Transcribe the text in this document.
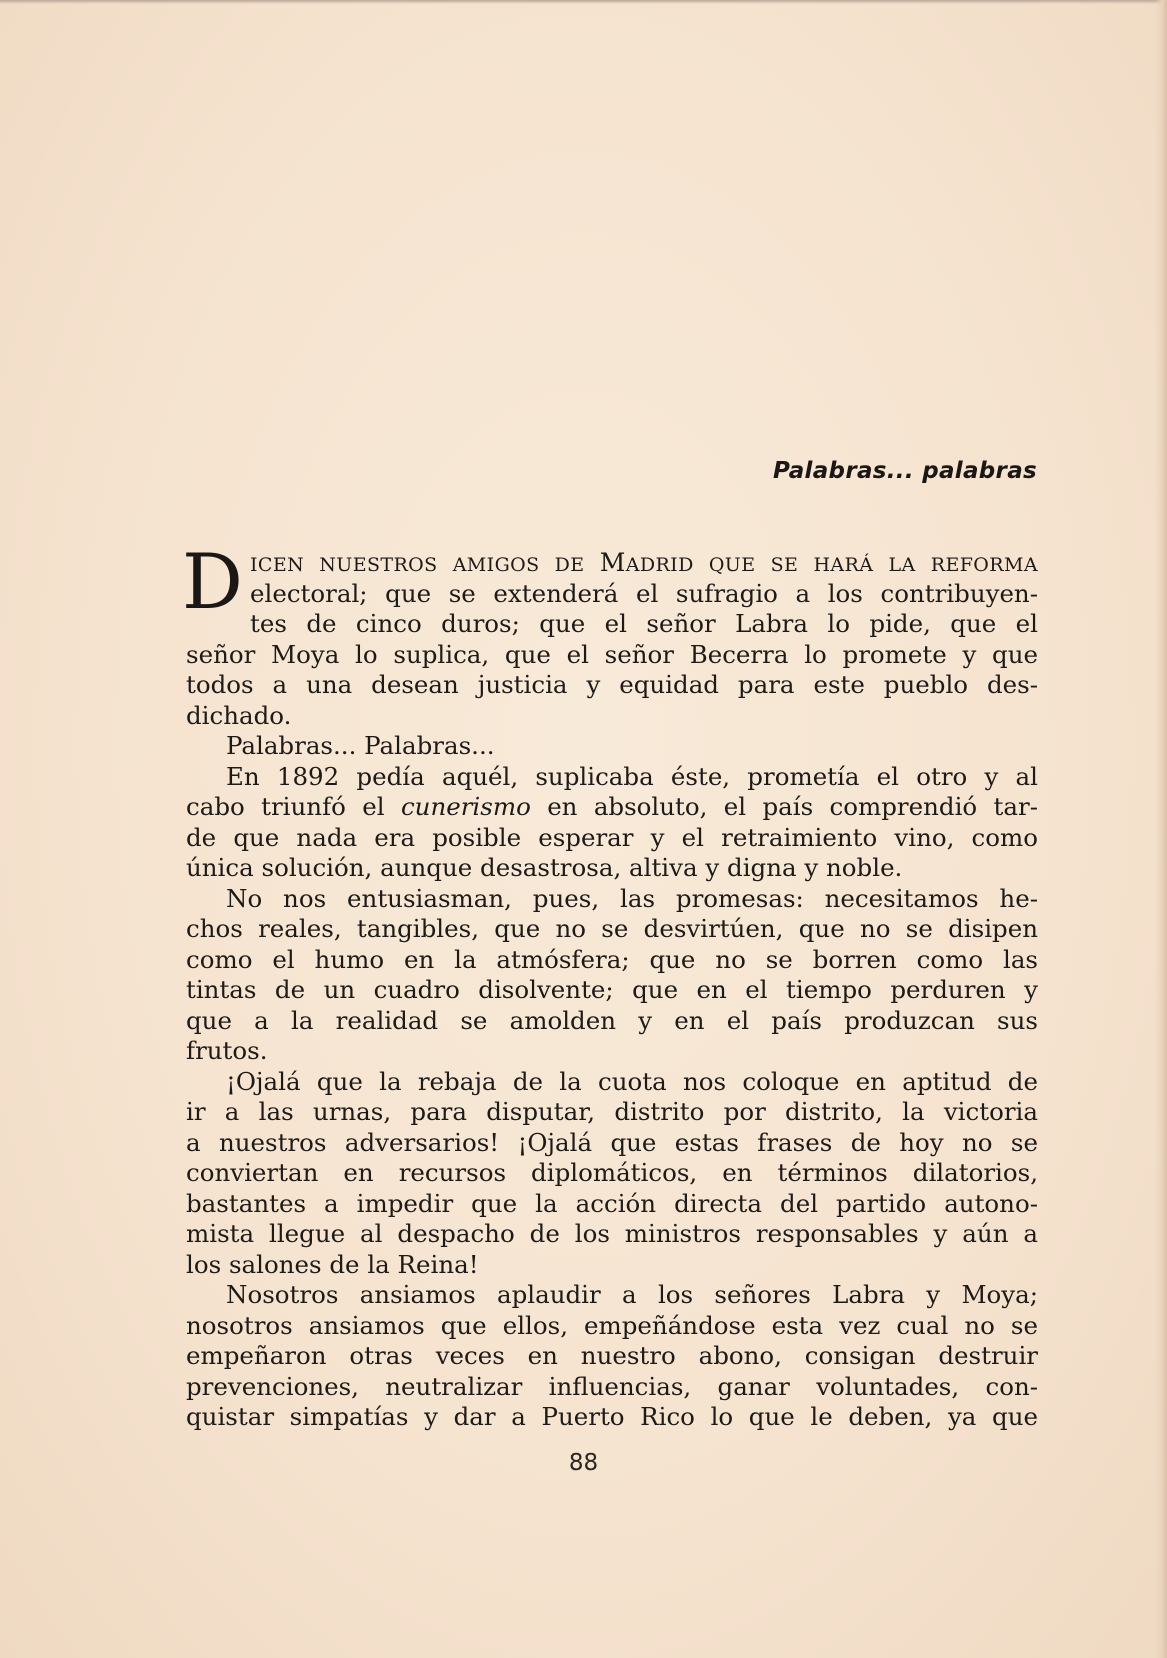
Palabras... palabras
D ICEN NUESTROS AMIGOS DE MADRID QUE SE HARÁ LA REFORMA
electoral; que se extenderá el sufragio a los contribuyen-
tes de cinco duros; que el señor Labra lo pide, que el
señor Moya lo suplica, que el señor Becerra lo promete y que
todos a una desean justicia y equidad para este pueblo des-
dichado.
Palabras... Palabras...
En 1892 pedía aquél, suplicaba éste, prometía el otro y al
cabo triunfó el cunerismo en absoluto, el país comprendió tar-
de que nada era posible esperar y el retraimiento vino, como
única solución, aunque desastrosa, altiva y digna y noble.
No nos entusiasman, pues, las promesas: necesitamos he-
chos reales, tangibles, que no se desvirtúen, que no se disipen
como el humo en la atmósfera; que no se borren como las
tintas de un cuadro disolvente; que en el tiempo perduren y
que a la realidad se amolden y en el país produzcan sus
frutos.
¡Ojalá que la rebaja de la cuota nos coloque en aptitud de
ir a las urnas, para disputar, distrito por distrito, la victoria
a nuestros adversarios! ¡Ojalá que estas frases de hoy no se
conviertan en recursos diplomáticos, en términos dilatorios,
bastantes a impedir que la acción directa del partido autono-
mista llegue al despacho de los ministros responsables y aún a
los salones de la Reina!
Nosotros ansiamos aplaudir a los señores Labra y Moya;
nosotros ansiamos que ellos, empeñándose esta vez cual no se
empeñaron otras veces en nuestro abono, consigan destruir
prevenciones, neutralizar influencias, ganar voluntades, con-
quistar simpatías y dar a Puerto Rico lo que le deben, ya que
88
